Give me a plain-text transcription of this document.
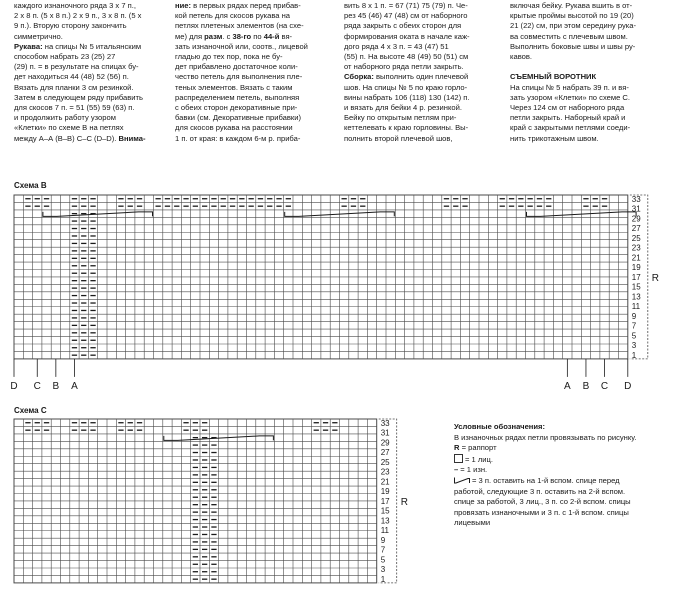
каждого изнаночного ряда 3 х 7 п.,
2 х 8 п. (5 х 8 п.) 2 х 9 п., 3 х 8 п. (5 х
9 п.). Вторую сторону закончить
симметрично.
Рукава: на спицы № 5 итальянским
способом набрать 23 (25) 27
(29) п. = в результате на спицах бу-
дет находиться 44 (48) 52 (56) п.
Вязать для планки 3 см резинкой.
Затем в следующем ряду прибавить
для скосов 7 п. = 51 (55) 59 (63) п.
и продолжить работу узором
«Клетки» по схеме В на петлях
между А–А (В–В) С–С (D–D). Внима-
ние: в первых рядах перед прибав-
кой петель для скосов рукава на
петлях плетеных элементов (на схе-
ме) для разм. с 38-го по 44-й вя-
зать изнаночной или, соотв., лицевой
гладью до тех пор, пока не бу-
дет прибавлено достаточное коли-
чество петель для выполнения пле-
теных элементов. Вязать с таким
распределением петель, выполняя
с обеих сторон декоративные при-
бавки (см. Декоративные прибавки)
для скосов рукава на расстоянии
1 п. от края: в каждом 6-м р. приба-
вить 8 х 1 п. = 67 (71) 75 (79) п. Че-
рез 45 (46) 47 (48) см от наборного
ряда закрыть с обеих сторон для
формирования оката в начале каж-
дого ряда 4 х 3 п. = 43 (47) 51
(55) п. На высоте 48 (49) 50 (51) см
от наборного ряда петли закрыть.
Сборка: выполнить один плечевой
шов. На спицы № 5 по краю горло-
вины набрать 106 (118) 130 (142) п.
и вязать для бейки 4 р. резинкой.
Бейку по открытым петлям при-
кеттелевать к краю горловины. Вы-
полнить второй плечевой шов,
включая бейку. Рукава вшить в от-
крытые проймы высотой по 19 (20)
21 (22) см, при этом середину рука-
ва совместить с плечевым швом.
Выполнить боковые швы и швы ру-
кавов.

СЪЕМНЫЙ ВОРОТНИК
На спицы № 5 набрать 39 п. и вя-
зать узором «Клетки» по схеме С.
Через 124 см от наборного ряда
петли закрыть. Наборный край и
край с закрытыми петлями соеди-
нить трикотажным швом.
Схема В
Схема С
33
31
29
27
25
23
21
19
17
15
13
11
9
7
5
3
1
R
D C B A	A B C D
33
31
29
27
25
23
21
19
17
15
13
11
9
7
5
3
1
R
Условные обозначения:
В изнаночных рядах петли провязывать по рисунку.
R = раппорт
= 1 лиц.
– = 1 изн.
= 3 п. оставить на 1-й вспом. спице перед
работой, следующие 3 п. оставить на 2-й вспом.
спице за работой, 3 лиц., 3 п. со 2-й вспом. спицы
провязать изнаночными и 3 п. с 1-й вспом. спицы
лицевыми
